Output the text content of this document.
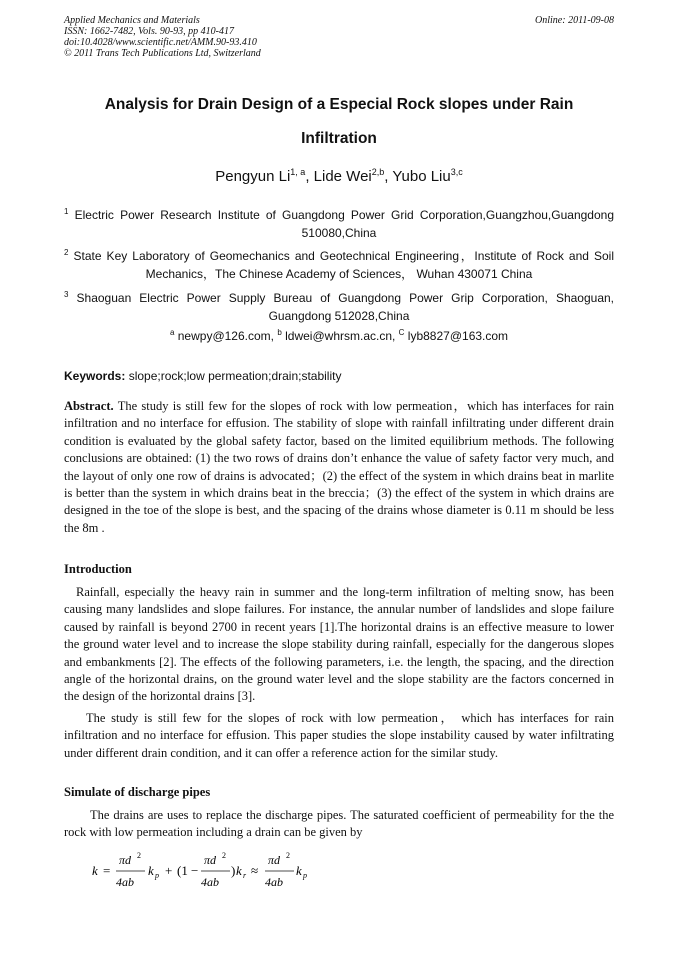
Applied Mechanics and Materials
ISSN: 1662-7482, Vols. 90-93, pp 410-417
doi:10.4028/www.scientific.net/AMM.90-93.410
© 2011 Trans Tech Publications Ltd, Switzerland
Online: 2011-09-08
Analysis for Drain Design of a Especial Rock slopes under Rain
Infiltration
Pengyun Li$^{1, a}$, Lide Wei$^{2,b}$, Yubo Liu$^{3,c}$
$^1$ Electric Power Research Institute of Guangdong Power Grid Corporation,Guangzhou,Guangdong 510080,China
$^2$ State Key Laboratory of Geomechanics and Geotechnical Engineering，Institute of Rock and Soil Mechanics，The Chinese Academy of Sciences， Wuhan 430071 China
$^3$ Shaoguan Electric Power Supply Bureau of Guangdong Power Grip Corporation, Shaoguan, Guangdong 512028,China
$^a$ newpy@126.com, $^b$ ldwei@whrsm.ac.cn, $^C$ lyb8827@163.com
Keywords: slope;rock;low permeation;drain;stability
Abstract. The study is still few for the slopes of rock with low permeation，which has interfaces for rain infiltration and no interface for effusion. The stability of slope with rainfall infiltrating under different drain condition is evaluated by the global safety factor, based on the limited equilibrium methods. The following conclusions are obtained: (1) the two rows of drains don’t enhance the value of safety factor very much, and the layout of only one row of drains is advocated；(2) the effect of the system in which drains beat in marlite is better than the system in which drains beat in the breccia；(3) the effect of the system in which drains are designed in the toe of the slope is best, and the spacing of the drains whose diameter is 0.11 m should be less the 8m .
Introduction
Rainfall, especially the heavy rain in summer and the long-term infiltration of melting snow, has been causing many landslides and slope failures. For instance, the annular number of landslides and slope failure caused by rainfall is beyond 2700 in recent years [1].The horizontal drains is an effective measure to lower the ground water level and to increase the slope stability during rainfall, especially for the dangerous slopes and embankments [2]. The effects of the following parameters, i.e. the length, the spacing, and the direction angle of the horizontal drains, on the ground water level and the slope stability are the factors concerned in the design of the horizontal drains [3].
The study is still few for the slopes of rock with low permeation， which has interfaces for rain infiltration and no interface for effusion. This paper studies the slope instability caused by water infiltrating under different drain condition, and it can offer a reference action for the similar study.
Simulate of discharge pipes
The drains are uses to replace the discharge pipes. The saturated coefficient of permeability for the the rock with low permeation including a drain can be given by
k =
πd 2
4ab
k p + (1 −
πd 2
4ab
) k r ≈
πd 2
4ab
k p
